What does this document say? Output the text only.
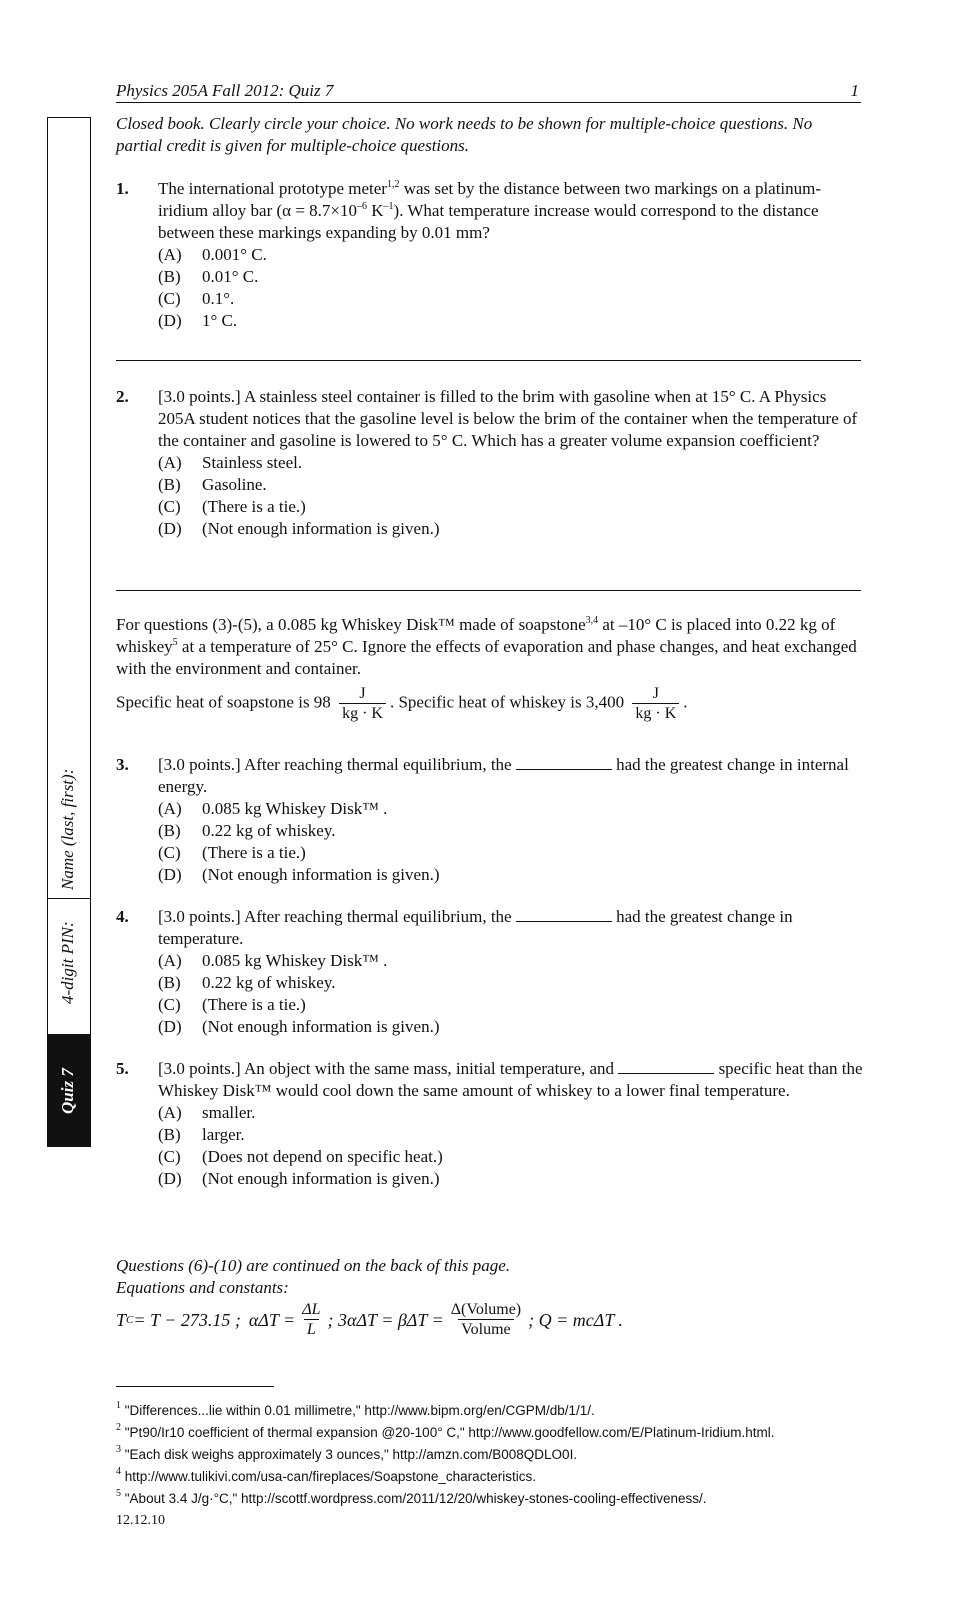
Physics 205A Fall 2012: Quiz 7	1
Name (last, first):
4-digit PIN:
Quiz 7
Closed book. Clearly circle your choice. No work needs to be shown for multiple-choice questions. No partial credit is given for multiple-choice questions.
1. The international prototype meter$^{1,2}$ was set by the distance between two markings on a platinum-iridium alloy bar ($\alpha = 8.7\times 10^{-6}$ $K^{-1}$). What temperature increase would correspond to the distance between these markings expanding by 0.01 mm?
(A)	0.001° C.
(B)	0.01° C.
(C)	0.1°.
(D)	1° C.
2. [3.0 points.] A stainless steel container is filled to the brim with gasoline when at 15° C. A Physics 205A student notices that the gasoline level is below the brim of the container when the temperature of the container and gasoline is lowered to 5° C. Which has a greater volume expansion coefficient?
(A)	Stainless steel.
(B)	Gasoline.
(C)	(There is a tie.)
(D)	(Not enough information is given.)
For questions (3)-(5), a 0.085 kg Whiskey Disk™ made of soapstone$^{3,4}$ at –10° C is placed into 0.22 kg of whiskey$^5$ at a temperature of 25° C. Ignore the effects of evaporation and phase changes, and heat exchanged with the environment and container.
Specific heat of soapstone is $98 \frac{J}{kg \cdot K}$ . Specific heat of whiskey is $3,400 \frac{J}{kg \cdot K}$ .
3. [3.0 points.] After reaching thermal equilibrium, the	had the greatest change in internal energy.
(A)	0.085 kg Whiskey Disk™ .
(B)	0.22 kg of whiskey.
(C)	(There is a tie.)
(D)	(Not enough information is given.)
4. [3.0 points.] After reaching thermal equilibrium, the	had the greatest change in temperature.
(A)	0.085 kg Whiskey Disk™ .
(B)	0.22 kg of whiskey.
(C)	(There is a tie.)
(D)	(Not enough information is given.)
5. [3.0 points.] An object with the same mass, initial temperature, and	specific heat than the Whiskey Disk™ would cool down the same amount of whiskey to a lower final temperature.
(A)	smaller.
(B)	larger.
(C)	(Does not depend on specific heat.)
(D)	(Not enough information is given.)
Questions (6)-(10) are continued on the back of this page.
Equations and constants:
T C = T − 273.15 ; $\alpha\Delta T = \frac{\Delta L}{L}$ ; $3\alpha\Delta T = \beta\Delta T = \frac{\text{Δ(Volume)}}{\text{Volume}}$ ; Q = mcΔT .
$^1$ "Differences...lie within 0.01 millimetre," http://www.bipm.org/en/CGPM/db/1/1/.
$^2$ "Pt90/Ir10 coefficient of thermal expansion @20-100° C," http://www.goodfellow.com/E/Platinum-Iridium.html.
$^3$ "Each disk weighs approximately 3 ounces," http://amzn.com/B008QDLO0I.
$^4$ http://www.tulikivi.com/usa-can/fireplaces/Soapstone_characteristics.
$^5$ "About 3.4 J/g·°C," http://scottf.wordpress.com/2011/12/20/whiskey-stones-cooling-effectiveness/.
12.12.10
